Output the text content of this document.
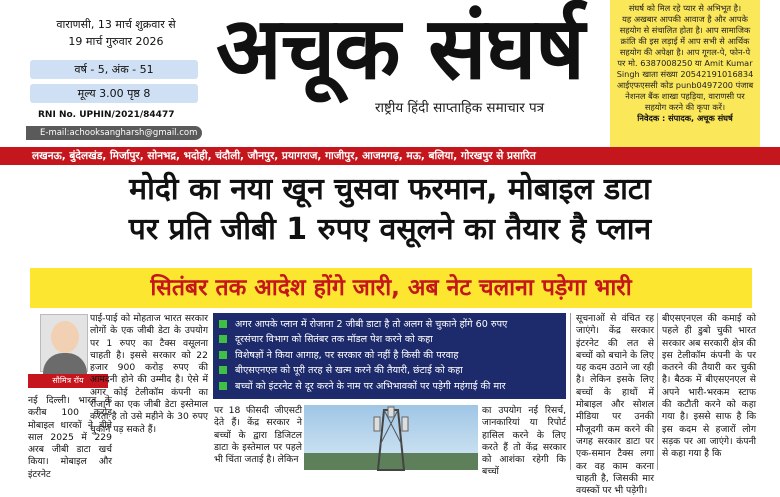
वाराणसी, 13 मार्च शुक्रवार से
19 मार्च गुरुवार 2026
वर्ष - 5, अंक - 51
मूल्य 3.00 पृष्ठ 8
RNI No. UPHIN/2021/84477
E-mail:achooksangharsh@gmail.com
अचूक संघर्ष
राष्ट्रीय हिंदी साप्ताहिक समाचार पत्र
संघर्ष को मिल रहे प्यार से अभिभूत है।
यह अखबार आपकी आवाज है और आपके सहयोग से संचालित होता है। आप सामाजिक क्रांति की इस लड़ाई में आप सभी से आर्थिक सहयोग की अपेक्षा है। आप गूगल-पे, फोन-पे पर मो. 6387008250 या Amit Kumar Singh खाता संख्या 20542191016834 आईएफएससी कोड punb0497200 पंजाब नेशनल बैंक शाखा पहड़िया, वाराणसी पर सहयोग करने की कृपा करें।
निवेदक : संपादक, अचूक संघर्ष
लखनऊ, बुंदेलखंड, मिर्जापुर, सोनभद्र, भदोही, चंदौली, जौनपुर, प्रयागराज, गाजीपुर, आजमगढ़, मऊ, बलिया, गोरखपुर से प्रसारित
मोदी का नया खून चुसवा फरमान, मोबाइल डाटा
पर प्रति जीबी 1 रुपए वसूलने का तैयार है प्लान
सितंबर तक आदेश होंगे जारी, अब नेट चलाना पड़ेगा भारी
सौमित्र रॉय
पाई-पाई को मोहताज भारत सरकार लोगों के एक जीबी डेटा के उपयोग पर 1 रुपए का टैक्स वसूलना चाहती है। इससे सरकार को 22 हजार 900 करोड़ रुपए की आमदनी होने की उम्मीद है। ऐसे में अगर कोई टेलीकॉम कंपनी का रोजाने का एक जीबी डेटा इस्तेमाल करता है तो उसे महीने के 30 रुपए चुकाने पड़ सकते हैं।
नई दिल्ली। भारत के करीब 100 करोड़ मोबाइल धारकों ने बीते साल 2025 में 229 अरब जीबी डाटा खर्च किया। मोबाइल और इंटरनेट
अगर आपके प्लान में रोजाना 2 जीबी डाटा है तो अलग से चुकाने होंगे 60 रुपए
दूरसंचार विभाग को सितंबर तक मॉडल पेश करने को कहा
विशेषज्ञों ने किया आगाह, पर सरकार को नहीं है किसी की परवाह
बीएसएनएल को पूरी तरह से खत्म करने की तैयारी, छंटाई को कहा
बच्चों को इंटरनेट से दूर करने के नाम पर अभिभावकों पर पड़ेगी महंगाई की मार
पर 18 फीसदी जीएसटी देते हैं। केंद्र सरकार ने बच्चों के द्वारा डिजिटल डाटा के इस्तेमाल पर पहले भी चिंता जताई है। लेकिन
का उपयोग नई रिसर्च, जानकारियां या रिपोर्ट हासिल करने के लिए करते हैं तो केंद्र सरकार को आशंका रहेगी कि बच्चों
सूचनाओं से वंचित रह जाएंगे। केंद्र सरकार इंटरनेट की लत से बच्चों को बचाने के लिए यह कदम उठाने जा रही है। लेकिन इसके लिए बच्चों के हाथों में मोबाइल और सोशल मीडिया पर उनकी मौजूदगी कम करने की जगह सरकार डाटा पर एक-समान टैक्स लगा कर वह काम करना चाहती है, जिसकी मार वयस्कों पर भी पड़ेगी।
बीएसएनएल की कमाई को पहले ही डुबो चुकी भारत सरकार अब सरकारी क्षेत्र की इस टेलीकॉम कंपनी के पर कतरने की तैयारी कर चुकी है। बैठक में बीएसएनएल से अपने भारी-भरकम स्टाफ की कटौती करने को कहा गया है। इससे साफ है कि इस कदम से हजारों लोग सड़क पर आ जाएंगे। कंपनी से कहा गया है कि
